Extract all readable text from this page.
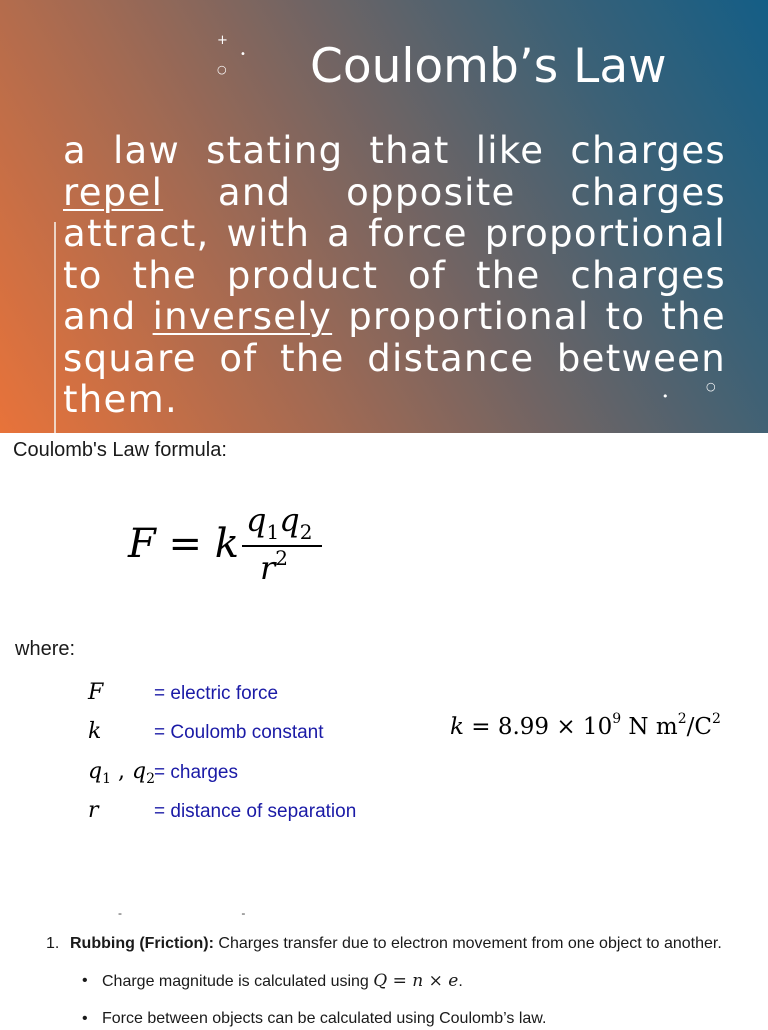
+
•
○
○
•
Coulomb’s Law

a law stating that like charges repel and opposite charges attract, with a force proportional to the product of the charges and inversely proportional to the square of the distance between them.

Coulomb's Law formula:
F = k
$q_1q_2$
$r^2$
where:
F	= electric force
k	= Coulomb constant
$q_1$ , $q_2$
= charges
r	= distance of separation
$k = 8.99 \times 10^9$ N $m^2/C^2$
- -
1. Rubbing (Friction): Charges transfer due to electron movement from one object to another.
• Charge magnitude is calculated using Q = n × e.
• Force between objects can be calculated using Coulomb’s law.
